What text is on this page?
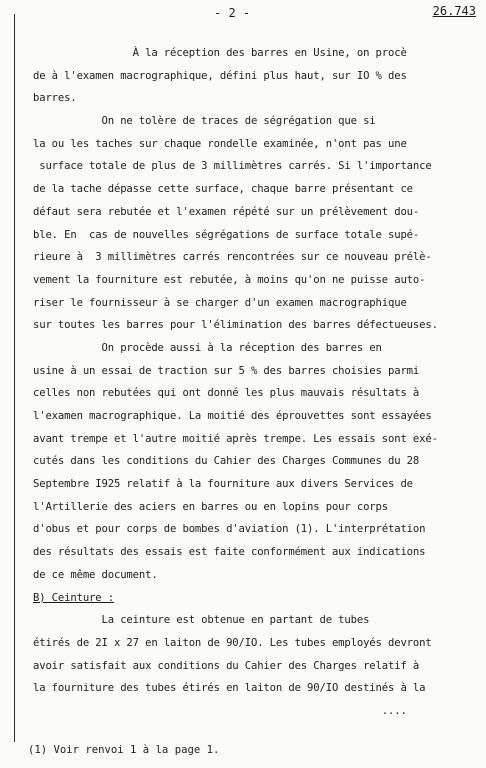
- 2 -	26.743
À la réception des barres en Usine, on procè
de à l'examen macrographique, défini plus haut, sur IO % des
barres.
On ne tolère de traces de ségrégation que si
la ou les taches sur chaque rondelle examinée, n'ont pas une
surface totale de plus de 3 millimètres carrés. Si l'importance
de la tache dépasse cette surface, chaque barre présentant ce
défaut sera rebutée et l'examen répété sur un prélèvement dou-
ble. En  cas de nouvelles ségrégations de surface totale supé-
rieure à  3 millimètres carrés rencontrées sur ce nouveau prélè-
vement la fourniture est rebutée, à moins qu'on ne puisse auto-
riser le fournisseur à se charger d'un examen macrographique
sur toutes les barres pour l'élimination des barres défectueuses.
On procède aussi à la réception des barres en
usine à un essai de traction sur 5 % des barres choisies parmi
celles non rebutées qui ont donné les plus mauvais résultats à
l'examen macrographique. La moitié des éprouvettes sont essayées
avant trempe et l'autre moitié après trempe. Les essais sont exé-
cutés dans les conditions du Cahier des Charges Communes du 28
Septembre I925 relatif à la fourniture aux divers Services de
l'Artillerie des aciers en barres ou en lopins pour corps
d'obus et pour corps de bombes d'aviation (1). L'interprétation
des résultats des essais est faite conformément aux indications
de ce même document.
B) Ceinture :
La ceinture est obtenue en partant de tubes
étirés de 2I x 27 en laiton de 90/IO. Les tubes employés devront
avoir satisfait aux conditions du Cahier des Charges relatif à
la fourniture des tubes étirés en laiton de 90/IO destinés à la
....
(1) Voir renvoi 1 à la page 1.
